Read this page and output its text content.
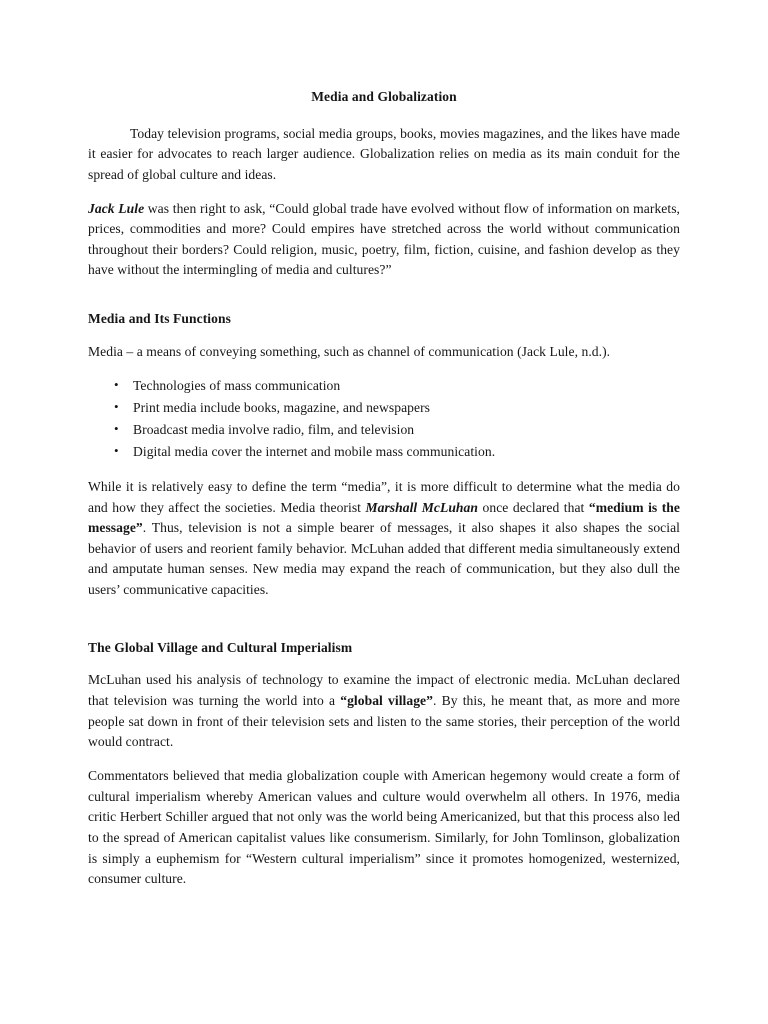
Media and Globalization

Today television programs, social media groups, books, movies magazines, and the likes have made it easier for advocates to reach larger audience. Globalization relies on media as its main conduit for the spread of global culture and ideas.

Jack Lule was then right to ask, “Could global trade have evolved without flow of information on markets, prices, commodities and more? Could empires have stretched across the world without communication throughout their borders? Could religion, music, poetry, film, fiction, cuisine, and fashion develop as they have without the intermingling of media and cultures?”

Media and Its Functions

Media – a means of conveying something, such as channel of communication (Jack Lule, n.d.).

• Technologies of mass communication
• Print media include books, magazine, and newspapers
• Broadcast media involve radio, film, and television
• Digital media cover the internet and mobile mass communication.

While it is relatively easy to define the term “media”, it is more difficult to determine what the media do and how they affect the societies. Media theorist Marshall McLuhan once declared that “medium is the message”. Thus, television is not a simple bearer of messages, it also shapes it also shapes the social behavior of users and reorient family behavior. McLuhan added that different media simultaneously extend and amputate human senses. New media may expand the reach of communication, but they also dull the users’ communicative capacities.

The Global Village and Cultural Imperialism

McLuhan used his analysis of technology to examine the impact of electronic media. McLuhan declared that television was turning the world into a “global village”. By this, he meant that, as more and more people sat down in front of their television sets and listen to the same stories, their perception of the world would contract.

Commentators believed that media globalization couple with American hegemony would create a form of cultural imperialism whereby American values and culture would overwhelm all others. In 1976, media critic Herbert Schiller argued that not only was the world being Americanized, but that this process also led to the spread of American capitalist values like consumerism. Similarly, for John Tomlinson, globalization is simply a euphemism for “Western cultural imperialism” since it promotes homogenized, westernized, consumer culture.
